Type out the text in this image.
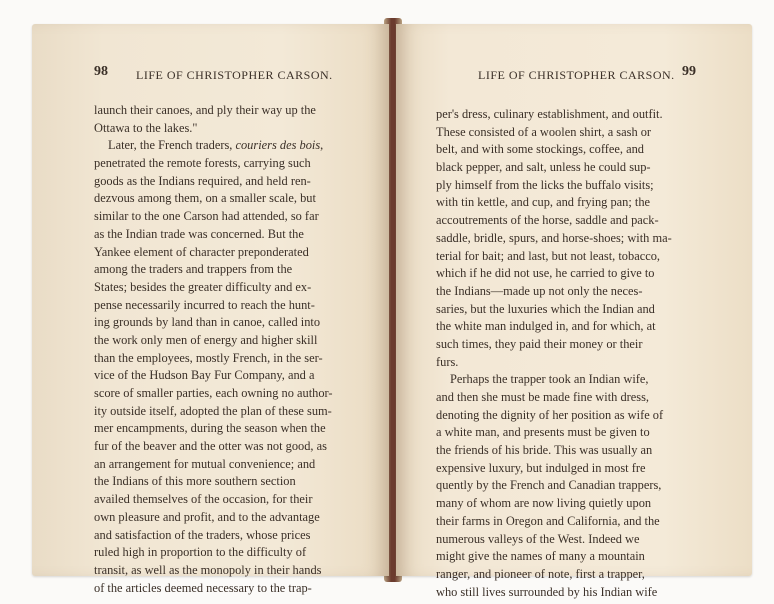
98 LIFE OF CHRISTOPHER CARSON.
launch their canoes, and ply their way up the
Ottawa to the lakes."
Later, the French traders, couriers des bois,
penetrated the remote forests, carrying such
goods as the Indians required, and held ren-
dezvous among them, on a smaller scale, but
similar to the one Carson had attended, so far
as the Indian trade was concerned. But the
Yankee element of character preponderated
among the traders and trappers from the
States; besides the greater difficulty and ex-
pense necessarily incurred to reach the hunt-
ing grounds by land than in canoe, called into
the work only men of energy and higher skill
than the employees, mostly French, in the ser-
vice of the Hudson Bay Fur Company, and a
score of smaller parties, each owning no author-
ity outside itself, adopted the plan of these sum-
mer encampments, during the season when the
fur of the beaver and the otter was not good, as
an arrangement for mutual convenience; and
the Indians of this more southern section
availed themselves of the occasion, for their
own pleasure and profit, and to the advantage
and satisfaction of the traders, whose prices
ruled high in proportion to the difficulty of
transit, as well as the monopoly in their hands
of the articles deemed necessary to the trap-
LIFE OF CHRISTOPHER CARSON. 99
per's dress, culinary establishment, and outfit.
These consisted of a woolen shirt, a sash or
belt, and with some stockings, coffee, and
black pepper, and salt, unless he could sup-
ply himself from the licks the buffalo visits;
with tin kettle, and cup, and frying pan; the
accoutrements of the horse, saddle and pack-
saddle, bridle, spurs, and horse-shoes; with ma-
terial for bait; and last, but not least, tobacco,
which if he did not use, he carried to give to
the Indians—made up not only the neces-
saries, but the luxuries which the Indian and
the white man indulged in, and for which, at
such times, they paid their money or their
furs.
Perhaps the trapper took an Indian wife,
and then she must be made fine with dress,
denoting the dignity of her position as wife of
a white man, and presents must be given to
the friends of his bride. This was usually an
expensive luxury, but indulged in most fre
quently by the French and Canadian trappers,
many of whom are now living quietly upon
their farms in Oregon and California, and the
numerous valleys of the West. Indeed we
might give the names of many a mountain
ranger, and pioneer of note, first a trapper,
who still lives surrounded by his Indian wife
